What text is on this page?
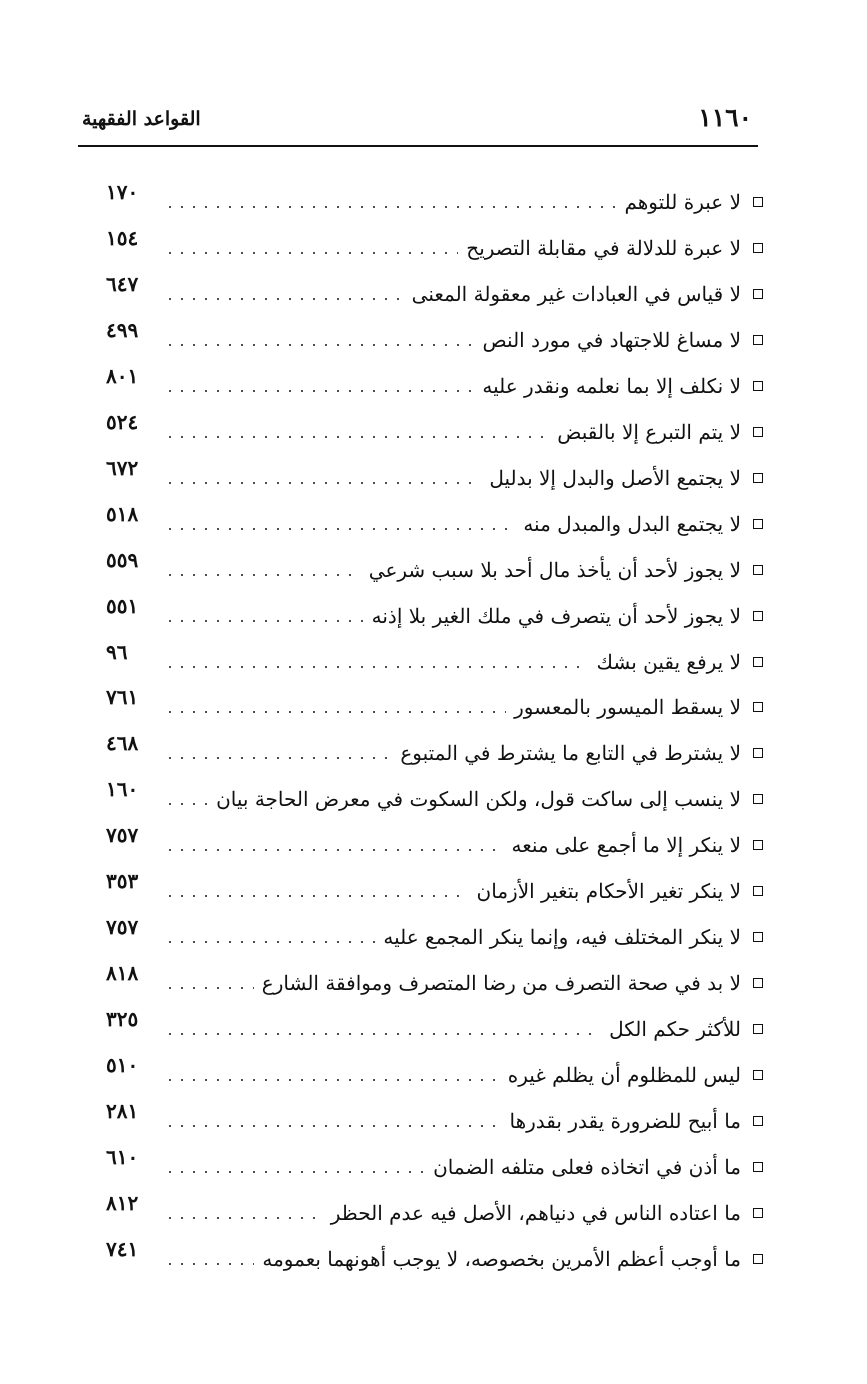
١١٦٠
القواعد الفقهية
لا عبرة للتوهم
١٧٠
لا عبرة للدلالة في مقابلة التصريح
١٥٤
لا قياس في العبادات غير معقولة المعنى
٦٤٧
لا مساغ للاجتهاد في مورد النص
٤٩٩
لا نكلف إلا بما نعلمه ونقدر عليه
٨٠١
لا يتم التبرع إلا بالقبض
٥٢٤
لا يجتمع الأصل والبدل إلا بدليل
٦٧٢
لا يجتمع البدل والمبدل منه
٥١٨
لا يجوز لأحد أن يأخذ مال أحد بلا سبب شرعي
٥٥٩
لا يجوز لأحد أن يتصرف في ملك الغير بلا إذنه
٥٥١
لا يرفع يقين بشك
٩٦
لا يسقط الميسور بالمعسور
٧٦١
لا يشترط في التابع ما يشترط في المتبوع
٤٦٨
لا ينسب إلى ساكت قول، ولكن السكوت في معرض الحاجة بيان
١٦٠
لا ينكر إلا ما أجمع على منعه
٧٥٧
لا ينكر تغير الأحكام بتغير الأزمان
٣٥٣
لا ينكر المختلف فيه، وإنما ينكر المجمع عليه
٧٥٧
لا بد في صحة التصرف من رضا المتصرف وموافقة الشارع
٨١٨
للأكثر حكم الكل
٣٢٥
ليس للمظلوم أن يظلم غيره
٥١٠
ما أبيح للضرورة يقدر بقدرها
٢٨١
ما أذن في اتخاذه فعلى متلفه الضمان
٦١٠
ما اعتاده الناس في دنياهم، الأصل فيه عدم الحظر
٨١٢
ما أوجب أعظم الأمرين بخصوصه، لا يوجب أهونهما بعمومه
٧٤١
